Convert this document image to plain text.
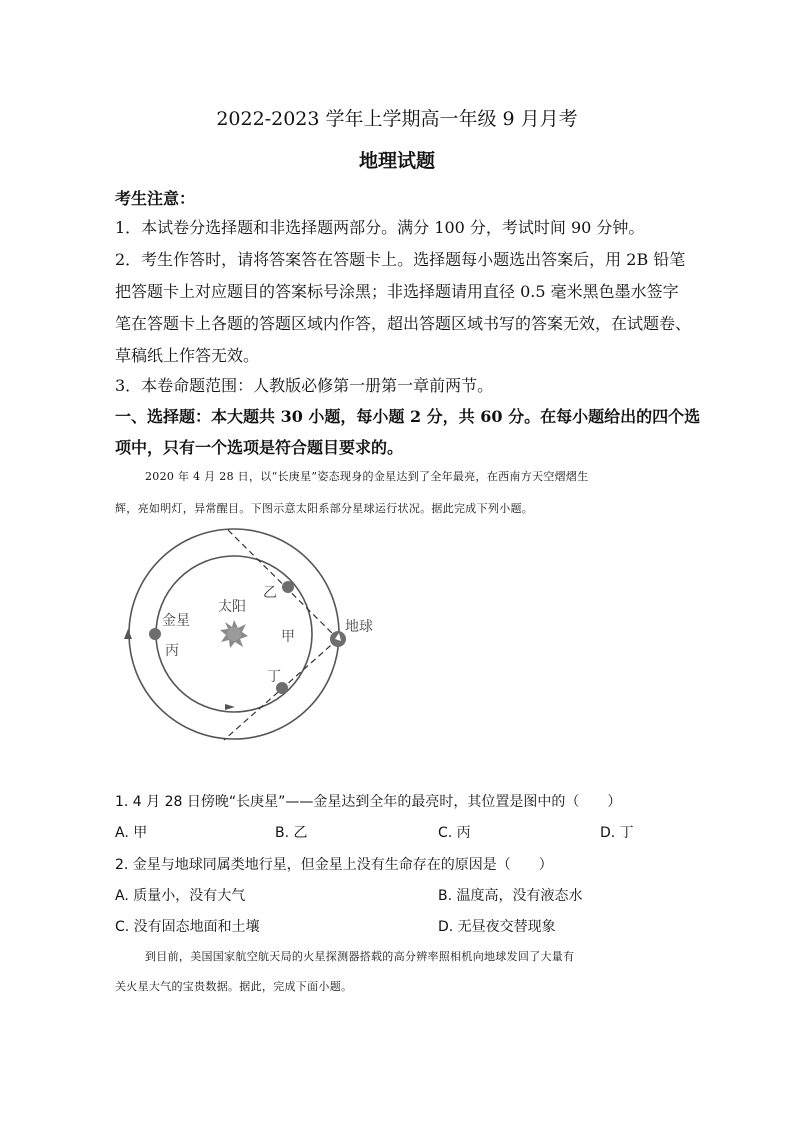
2022-2023 学年上学期高一年级 9 月月考
地理试题
考生注意：
1．本试卷分选择题和非选择题两部分。满分 100 分，考试时间 90 分钟。
2．考生作答时，请将答案答在答题卡上。选择题每小题选出答案后，用 2B 铅笔
把答题卡上对应题目的答案标号涂黑；非选择题请用直径 0.5 毫米黑色墨水签字
笔在答题卡上各题的答题区域内作答，超出答题区域书写的答案无效，在试题卷、
草稿纸上作答无效。
3．本卷命题范围：人教版必修第一册第一章前两节。
一、选择题：本大题共 30 小题，每小题 2 分，共 60 分。在每小题给出的四个选
项中，只有一个选项是符合题目要求的。
2020 年 4 月 28 日，以“长庚星”姿态现身的金星达到了全年最亮，在西南方天空熠熠生
辉，亮如明灯，异常醒目。下图示意太阳系部分星球运行状况。据此完成下列小题。
太阳
金星
丙
乙
甲
丁
地球
1. 4 月 28 日傍晚“长庚星”——金星达到全年的最亮时，其位置是图中的（　　）
A. 甲	B. 乙	C. 丙	D. 丁
2. 金星与地球同属类地行星，但金星上没有生命存在的原因是（　　）
A. 质量小，没有大气	B. 温度高，没有液态水
C. 没有固态地面和土壤	D. 无昼夜交替现象
到目前，美国国家航空航天局的火星探测器搭载的高分辨率照相机向地球发回了大量有
关火星大气的宝贵数据。据此，完成下面小题。
